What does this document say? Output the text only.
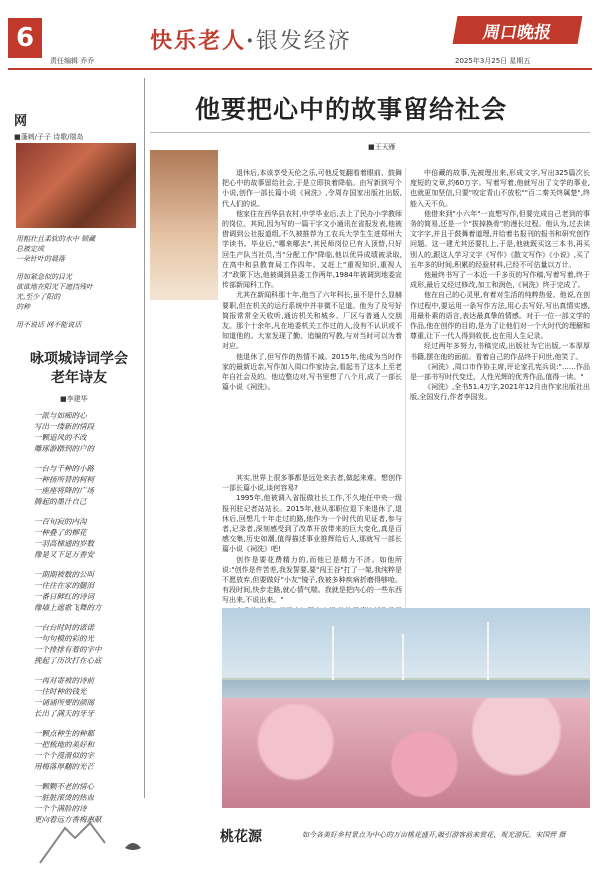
6
责任编辑 乔乔
快乐老人·银发经济	周口晚报
2025年3月25日 星期五
网
■蓬刺/子子 诗歌/瑞岛
用粗壮且柔软的水中 锁藏
总被定成
一朵针叶的晨落
用如紧急似的目光
欲欲地在阳光下遮挡残叶
光,至少了阳的
的种
用不说话 网不能说话
咏项城诗词学会
老年诗友
■李建华
一派与如痴的心
写出一缕新的情段
一颗追风的不改
雕琢游踏到的户的
一台与千种的小路
一种扬所替的柯柯
一座座将降的广场
腾起的墨汁自己
一百旬寂的内沟
一种叠了的柳花
一羽高梯通的岁数
像是又下足万香安
一期期被数的公叫
一往往在家的腿泪
一番日鲜红的诗词
像墙上遮歌飞舞的方
一台台时时的诺诺
一句句模的彩的光
一个排排有着的字中
挽起了历次打在心底
一再对寄被的诗前
一往时种的钱光
一诵诵所要的颜阁
长出了满天的牙牙
一颗点种生的种都
一把梳地的美好和
一个个漫滑似的字
用梅落厚翻的光芒
一颗颗不老的情心
一脏脏滚烫的热血
一个个满脸的诗
更向着远方香梅惠献
他要把心中的故事留给社会
■王天雁

退休后,本该享受天伦之乐,可他反复翻看着眼前、鼓舞把心中的故事留给社会,于是立即执着降临。由写新到写个小说,创作一部长篇小说《祠洗》,令周存国家出版社出版,代人们的说。

他家住在西华县农村,中学毕业后,去上了民办小学教师的岗位。其间,因为写的一篇干字文小通讯在省报发表,他被借调到公社报道组,不久被推荐为工农兵大学生生进郑州大学读书。毕业后,"哪来哪去",其民师岗位已有人顶替,只好回生产队当社员,当"分配工作"降临,他以优异成绩被录取,在高中和县教育局工作四年。又赶上"重视知识,重视人才"政策下达,他被调到县委工作两年,1984年被调到地委宣传部新闻科工作。

尤其在新闻科那十年,他当了六年科长,虽不是什么显赫要职,但在机关的运行系统中并非微不足道。他为了及写好简报常常全天收听,通访机关和城乡、厂区与普通人交朋友。那个十余年,凡在地委机关工作过的人,没有不认识或不知道他的。大家发现了勤、追编的写教,与对当时可以为着对应。

他退休了,但写作的热情不减。2015年,他成为当时作家的最新近亲,写作加入周口作家协会,看起书了这本上至老年自社会及的。他边整边对,写书里想了八个月,成了一部长篇小说《祠洗》。

其实,世界上很多事都是远处来去者,做起来难。想创作一部长篇小说,谈何容易?

1995年,他被调入省报做社长工作,不久地任中央一级报刊驻记者站站长。2015年,他从那职位退下来退休了,退休后,回想几十年走过的路,他作为一个时代的见证者,参与者,记录者,深刻感受到了改革开放带来的巨大变化,真是百感交集,历史如潮,值得描述事业推辉给后人,那就写一部长篇小说《祠洗》吧!

创作是要花费精力的,而他已是精力不济。如他所说:"创作是件苦差,我发誓要,要"闯王谷"打了一架,我纯粹是不愿放弃,但要做好"小友"镜子,我被多种疾病折磨得够呛。有段时间,快步走路,就心情气喘。我就是把内心的一些东西写出来,不说出来。"

中倍藏的故事,先被理出来,形成文字,写出325篇次长度短的文章,约60万字。写着写着,他就写出了文学的事业,也就更加坚信,只要"咬定青山不放松""百二秦关终属楚",终能入天不负。

他借来到"小六年"一直想写作,但要完成自己老到的事务的简易,还是一个"拔掉换骨"的漫长过程。他认为,过去读文字字,并且于鼓舞着道理,并给着名报刊的报书和研究创作问题。这一建尤其还要扎上,于是,他就既买这三本书,再买别人的,跟这人学习文字《写作》《散文写作》《小说》,买了五年多的时间,积累的经验材料,已经不可估量以万计。

他最终书写了一本近一千多页的写作稿,写着写着,终于成形,最后又经过修改,加工和润色,《祠洗》终于完成了。

他在自己的心灵里,有着对生活的纯粹热爱。他说,在创作过程中,要运用一条写作方法,用心去写好,写出真情实感,用最朴素的语言,表达最真挚的情感。对于一位一部文学的作品,他在创作的目的,是为了让他们对一个大时代的理解和尊重,让下一代人得到收获,也在用人生记录。

经过两年多努力,书稿完成,出版社为它出版,一本厚厚书籍,摆在他的面前。看着自己的作品终于问世,他笑了。

《祠洗》,周口市作协主席,评论家孔宪兵说:"……作品是一部书写时代变迁、人性光辉的优秀作品,值得一读。"

《祠洗》,全书51.4万字,2021年12月由作家出版社出版,全国发行,作者李国发。

桃花源	如今各美好乡村景点为中心的万亩桃花盛开,吸引游客前来赏花、观光游玩。宋国营 摄
